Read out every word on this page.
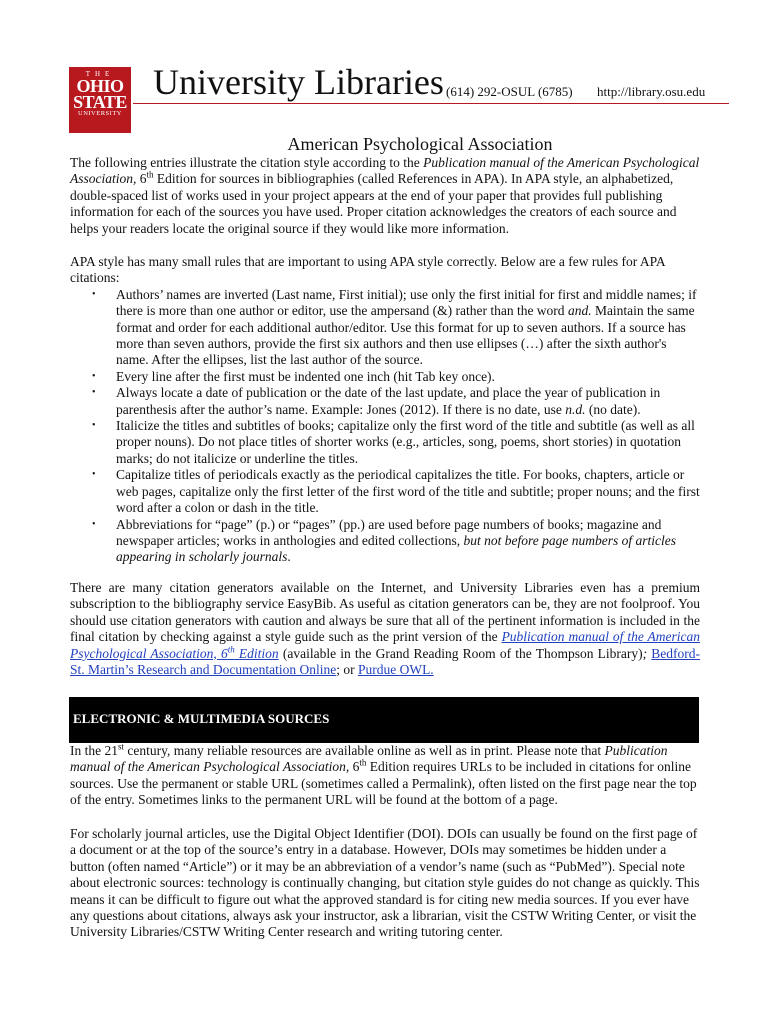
THE
OHIO
STATE
UNIVERSITY
University Libraries (614) 292-OSUL (6785) http://library.osu.edu
American Psychological Association
The following entries illustrate the citation style according to the Publication manual of the American Psychological Association, 6th Edition for sources in bibliographies (called References in APA). In APA style, an alphabetized, double-spaced list of works used in your project appears at the end of your paper that provides full publishing information for each of the sources you have used. Proper citation acknowledges the creators of each source and helps your readers locate the original source if they would like more information.
APA style has many small rules that are important to using APA style correctly. Below are a few rules for APA citations:
• Authors’ names are inverted (Last name, First initial); use only the first initial for first and middle names; if there is more than one author or editor, use the ampersand (&) rather than the word and. Maintain the same format and order for each additional author/editor. Use this format for up to seven authors. If a source has more than seven authors, provide the first six authors and then use ellipses (…) after the sixth author's name. After the ellipses, list the last author of the source.
• Every line after the first must be indented one inch (hit Tab key once).
• Always locate a date of publication or the date of the last update, and place the year of publication in parenthesis after the author’s name. Example: Jones (2012). If there is no date, use n.d. (no date).
• Italicize the titles and subtitles of books; capitalize only the first word of the title and subtitle (as well as all proper nouns). Do not place titles of shorter works (e.g., articles, song, poems, short stories) in quotation marks; do not italicize or underline the titles.
• Capitalize titles of periodicals exactly as the periodical capitalizes the title. For books, chapters, article or web pages, capitalize only the first letter of the first word of the title and subtitle; proper nouns; and the first word after a colon or dash in the title.
• Abbreviations for “page” (p.) or “pages” (pp.) are used before page numbers of books; magazine and newspaper articles; works in anthologies and edited collections, but not before page numbers of articles appearing in scholarly journals.
There are many citation generators available on the Internet, and University Libraries even has a premium subscription to the bibliography service EasyBib. As useful as citation generators can be, they are not foolproof. You should use citation generators with caution and always be sure that all of the pertinent information is included in the final citation by checking against a style guide such as the print version of the Publication manual of the American Psychological Association, 6th Edition (available in the Grand Reading Room of the Thompson Library); Bedford-St. Martin’s Research and Documentation Online; or Purdue OWL.
ELECTRONIC & MULTIMEDIA SOURCES
In the 21st century, many reliable resources are available online as well as in print. Please note that Publication manual of the American Psychological Association, 6th Edition requires URLs to be included in citations for online sources. Use the permanent or stable URL (sometimes called a Permalink), often listed on the first page near the top of the entry. Sometimes links to the permanent URL will be found at the bottom of a page.
For scholarly journal articles, use the Digital Object Identifier (DOI). DOIs can usually be found on the first page of a document or at the top of the source’s entry in a database. However, DOIs may sometimes be hidden under a button (often named “Article”) or it may be an abbreviation of a vendor’s name (such as “PubMed”). Special note about electronic sources: technology is continually changing, but citation style guides do not change as quickly. This means it can be difficult to figure out what the approved standard is for citing new media sources. If you ever have any questions about citations, always ask your instructor, ask a librarian, visit the CSTW Writing Center, or visit the University Libraries/CSTW Writing Center research and writing tutoring center.
